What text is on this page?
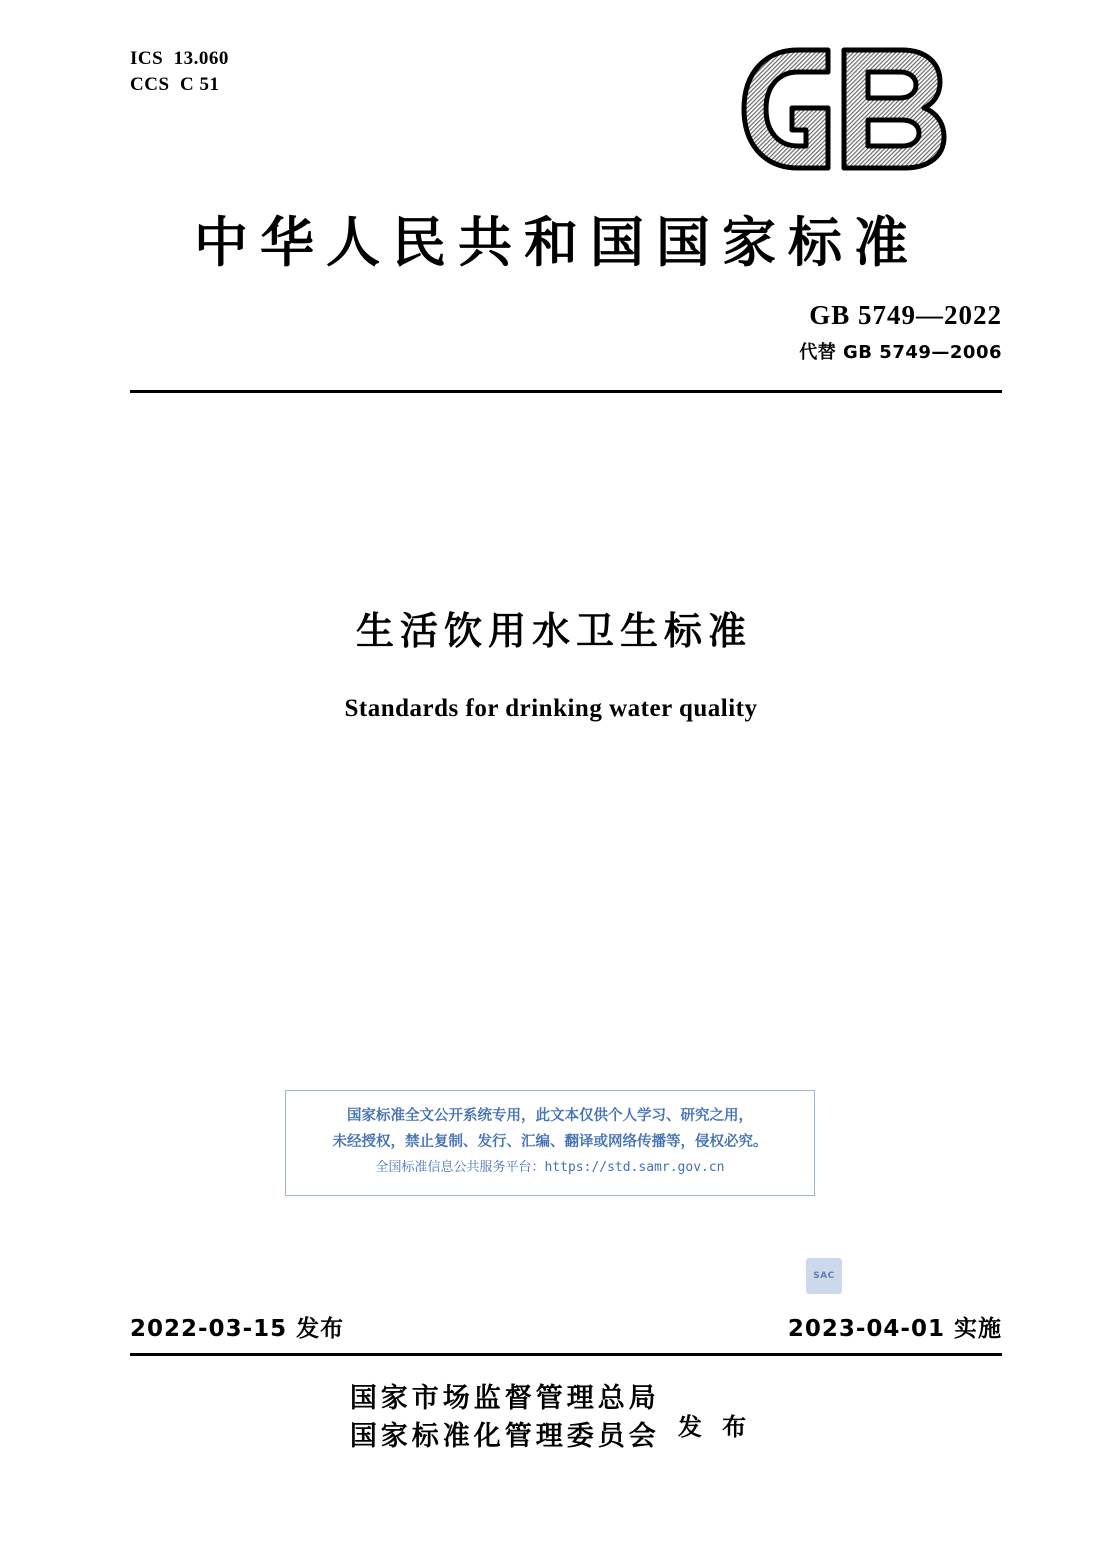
ICS  13.060
CCS  C 51
中华人民共和国国家标准
GB 5749—2022
代替 GB 5749—2006
生活饮用水卫生标准
Standards for drinking water quality
国家标准全文公开系统专用，此文本仅供个人学习、研究之用，
未经授权，禁止复制、发行、汇编、翻译或网络传播等，侵权必究。
全国标准信息公共服务平台：https://std.samr.gov.cn
SAC
2022-03-15 发布	2023-04-01 实施
国家市场监督管理总局
国家标准化管理委员会 发 布
